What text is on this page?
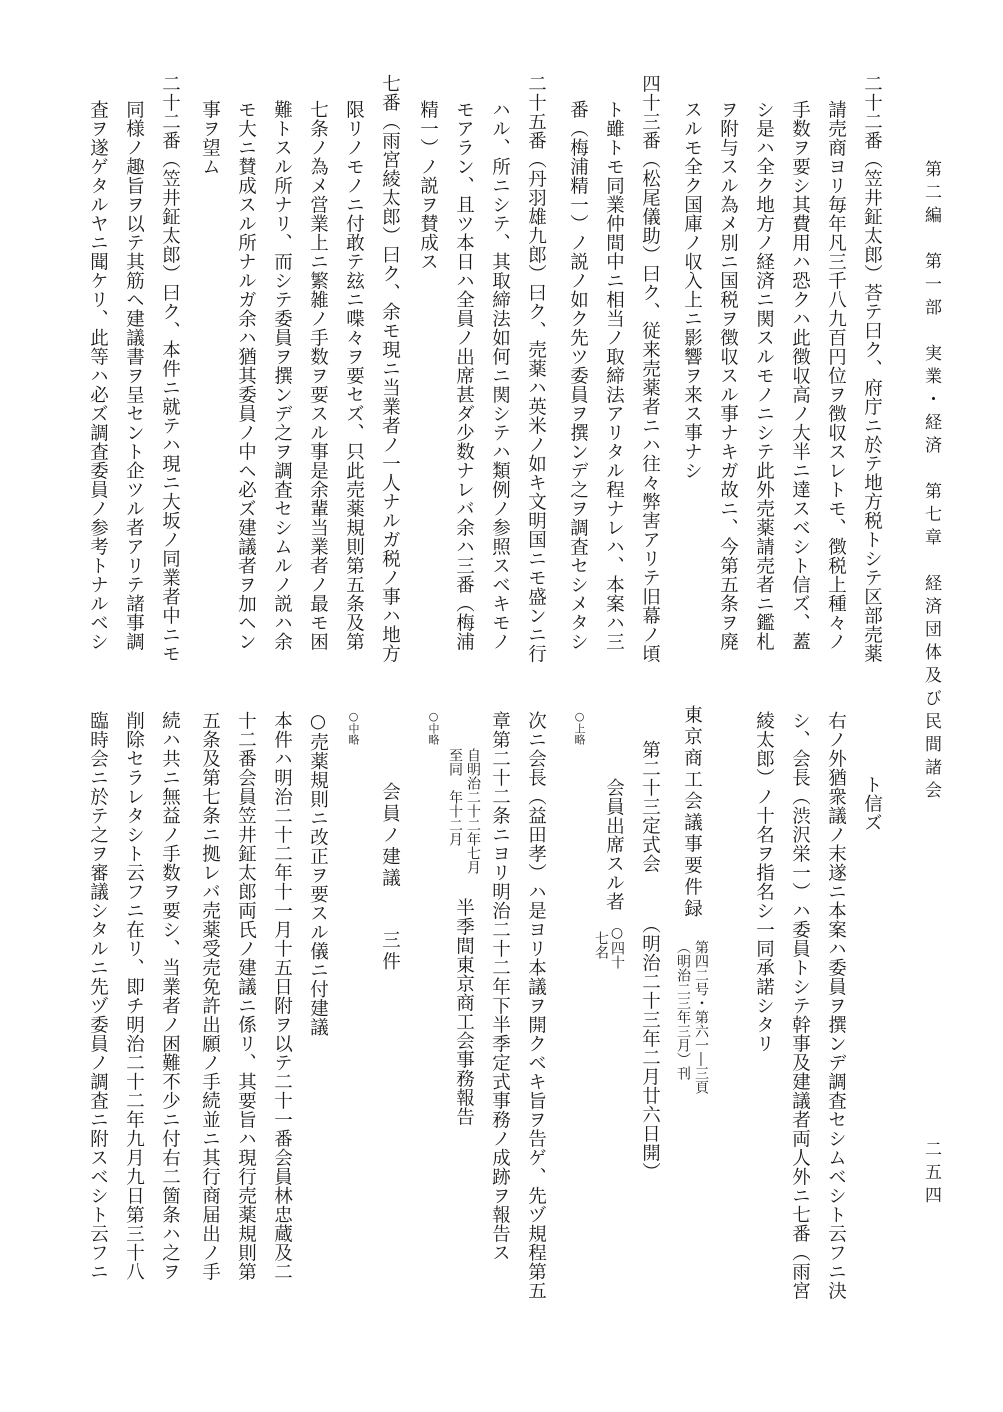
第二編　第一部　実業・経済　第七章　経済団体及び民間諸会
二五四
二十二番（笠井鉦太郎）荅テ曰ク、府庁ニ於テ地方税トシテ区部売薬
請売商ヨリ毎年凡三千八九百円位ヲ徴収スレトモ、徴税上種々ノ
手数ヲ要シ其費用ハ恐クハ此徴収高ノ大半ニ達スベシト信ズ、蓋
シ是ハ全ク地方ノ経済ニ関スルモノニシテ此外売薬請売者ニ鑑札
ヲ附与スル為メ別ニ国税ヲ徴収スル事ナキガ故ニ、今第五条ヲ廃
スルモ全ク国庫ノ収入上ニ影響ヲ来ス事ナシ
四十三番（松尾儀助）曰ク、従来売薬者ニハ往々弊害アリテ旧幕ノ頃
ト雖トモ同業仲間中ニ相当ノ取締法アリタル程ナレハ、本案ハ三
番（梅浦精一）ノ説ノ如ク先ツ委員ヲ撰ンデ之ヲ調査セシメタシ
二十五番（丹羽雄九郎）曰ク、売薬ハ英米ノ如キ文明国ニモ盛ンニ行
ハル、所ニシテ、其取締法如何ニ関シテハ類例ノ参照スベキモノ
モアラン、且ツ本日ハ全員ノ出席甚ダ少数ナレバ余ハ三番（梅浦
精一）ノ説ヲ賛成ス
七番（雨宮綾太郎）曰ク、余モ現ニ当業者ノ一人ナルガ税ノ事ハ地方
限リノモノニ付敢テ玆ニ喋々ヲ要セズ、只此売薬規則第五条及第
七条ノ為メ営業上ニ繁雑ノ手数ヲ要スル事是余輩当業者ノ最モ困
難トスル所ナリ、而シテ委員ヲ撰ンデ之ヲ調査セシムルノ説ハ余
モ大ニ賛成スル所ナルガ余ハ猶其委員ノ中ヘ必ズ建議者ヲ加ヘン
事ヲ望ム
二十二番（笠井鉦太郎）曰ク、本件ニ就テハ現ニ大坂ノ同業者中ニモ
同様ノ趣旨ヲ以テ其筋ヘ建議書ヲ呈セント企ツル者アリテ諸事調
査ヲ遂ゲタルヤニ聞ケリ、此等ハ必ズ調査委員ノ参考トナルベシ
ト信ズ
右ノ外猶衆議ノ末遂ニ本案ハ委員ヲ撰ンデ調査セシムベシト云フニ決
シ、会長（渋沢栄一）ハ委員トシテ幹事及建議者両人外ニ七番（雨宮
綾太郎）ノ十名ヲ指名シ一同承諾シタリ
東京商工会議事要件録
第四二号・第六一―三頁
（明治二三年三月）刊
第二十三定式会
（明治二十三年二月廿六日開）
会員出席スル者
○四十
七名
○上略
次ニ会長（益田孝）ハ是ヨリ本議ヲ開クベキ旨ヲ告ゲ、先ヅ規程第五
章第二十二条ニヨリ明治二十二年下半季定式事務ノ成跡ヲ報告ス
自明治二十二年七月
至同　年十二月
半季間東京商工会事務報告
○中略
会員ノ建議
三件
○中略
○売薬規則ニ改正ヲ要スル儀ニ付建議
本件ハ明治二十二年十一月十五日附ヲ以テ二十一番会員林忠蔵及二
十二番会員笠井鉦太郎両氏ノ建議ニ係リ、其要旨ハ現行売薬規則第
五条及第七条ニ拠レバ売薬受売免許出願ノ手続並ニ其行商届出ノ手
続ハ共ニ無益ノ手数ヲ要シ、当業者ノ困難不少ニ付右二箇条ハ之ヲ
削除セラレタシト云フニ在リ、即チ明治二十二年九月九日第三十八
臨時会ニ於テ之ヲ審議シタルニ先ヅ委員ノ調査ニ附スベシト云フニ
